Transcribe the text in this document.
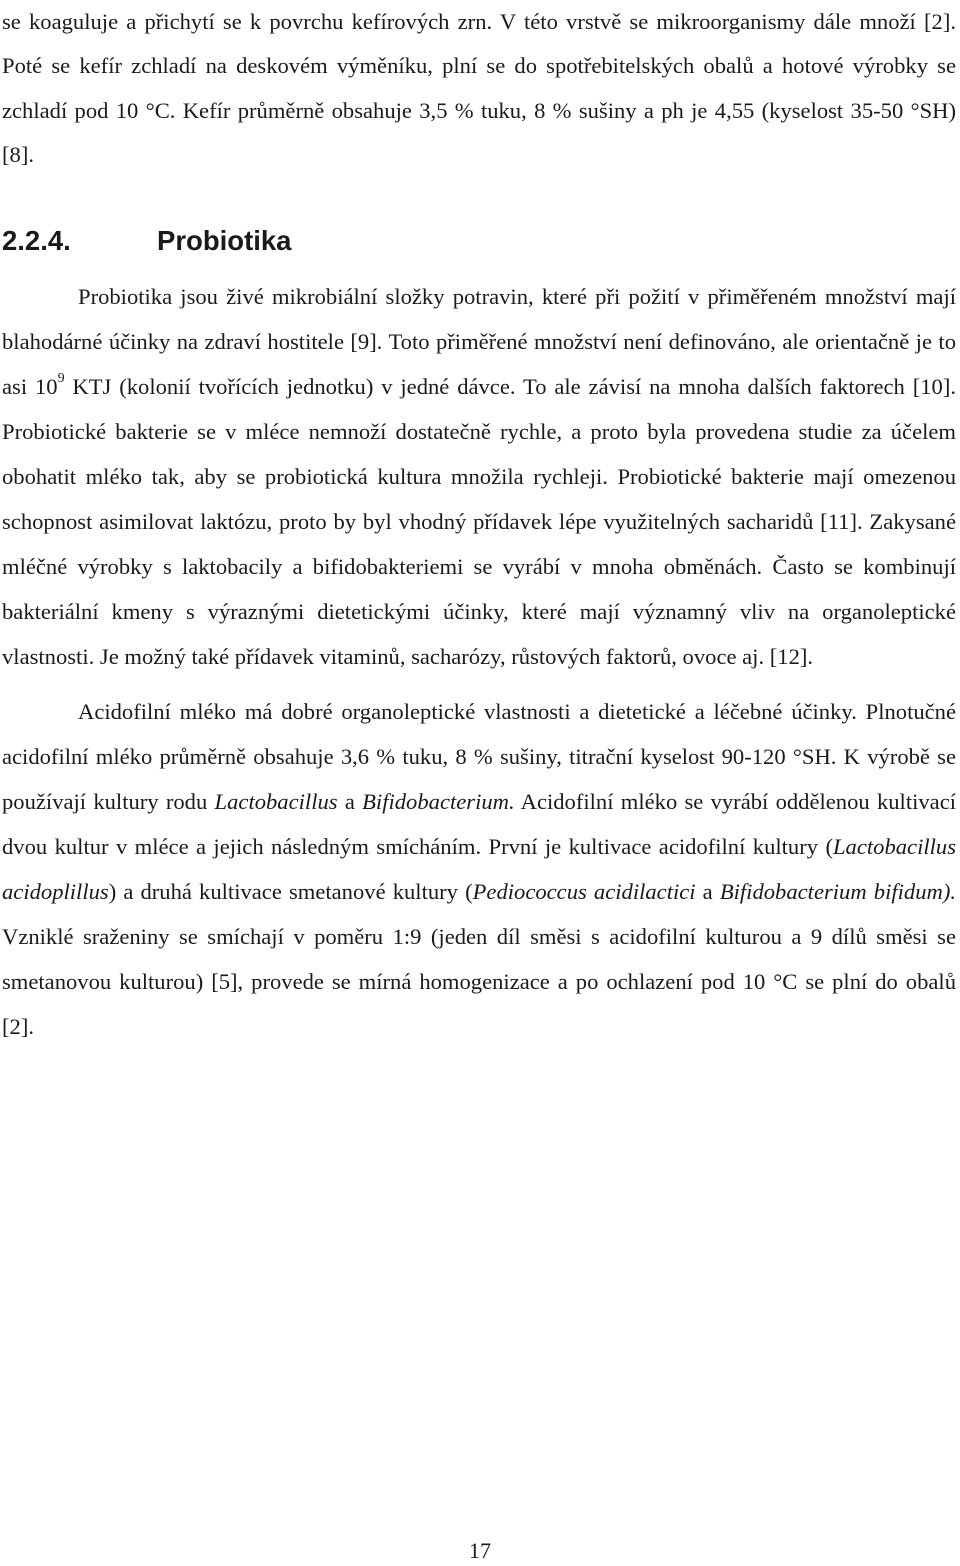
se koaguluje a přichytí se k povrchu kefírových zrn. V této vrstvě se mikroorganismy dále množí [2]. Poté se kefír zchladí na deskovém výměníku, plní se do spotřebitelských obalů a hotové výrobky se zchladí pod 10 °C. Kefír průměrně obsahuje 3,5 % tuku, 8 % sušiny a ph je 4,55 (kyselost 35-50 °SH) [8].

2.2.4.	Probiotika

Probiotika jsou živé mikrobiální složky potravin, které při požití v přiměřeném množství mají blahodárné účinky na zdraví hostitele [9]. Toto přiměřené množství není definováno, ale orientačně je to asi $10^9$ KTJ (kolonií tvořících jednotku) v jedné dávce. To ale závisí na mnoha dalších faktorech [10]. Probiotické bakterie se v mléce nemnoží dostatečně rychle, a proto byla provedena studie za účelem obohatit mléko tak, aby se probiotická kultura množila rychleji. Probiotické bakterie mají omezenou schopnost asimilovat laktózu, proto by byl vhodný přídavek lépe využitelných sacharidů [11]. Zakysané mléčné výrobky s laktobacily a bifidobakteriemi se vyrábí v mnoha obměnách. Často se kombinují bakteriální kmeny s výraznými dietetickými účinky, které mají významný vliv na organoleptické vlastnosti. Je možný také přídavek vitaminů, sacharózy, růstových faktorů, ovoce aj. [12].

Acidofilní mléko má dobré organoleptické vlastnosti a dietetické a léčebné účinky. Plnotučné acidofilní mléko průměrně obsahuje 3,6 % tuku, 8 % sušiny, titrační kyselost 90-120 °SH. K výrobě se používají kultury rodu Lactobacillus a Bifidobacterium. Acidofilní mléko se vyrábí oddělenou kultivací dvou kultur v mléce a jejich následným smícháním. První je kultivace acidofilní kultury (Lactobacillus acidoplillus) a druhá kultivace smetanové kultury (Pediococcus acidilactici a Bifidobacterium bifidum). Vzniklé sraženiny se smíchají v poměru 1:9 (jeden díl směsi s acidofilní kulturou a 9 dílů směsi se smetanovou kulturou) [5], provede se mírná homogenizace a po ochlazení pod 10 °C se plní do obalů [2].

17
